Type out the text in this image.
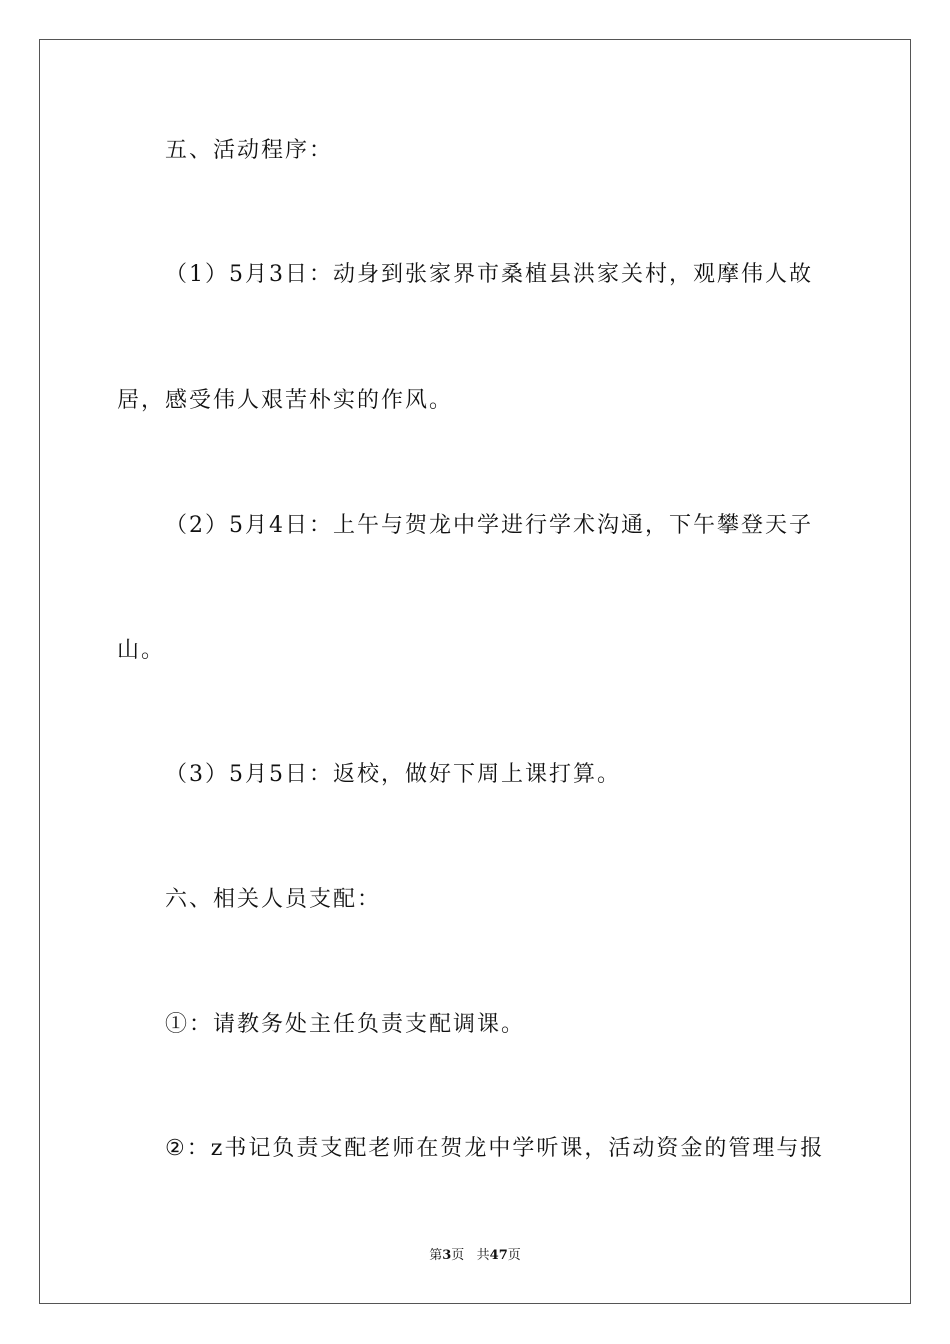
五、活动程序：

（1）5月3日：动身到张家界市桑植县洪家关村，观摩伟人故

居，感受伟人艰苦朴实的作风。

（2）5月4日：上午与贺龙中学进行学术沟通，下午攀登天子

山。

（3）5月5日：返校，做好下周上课打算。

六、相关人员支配：

①：请教务处主任负责支配调课。

②：z书记负责支配老师在贺龙中学听课，活动资金的管理与报

第3页   共47页
